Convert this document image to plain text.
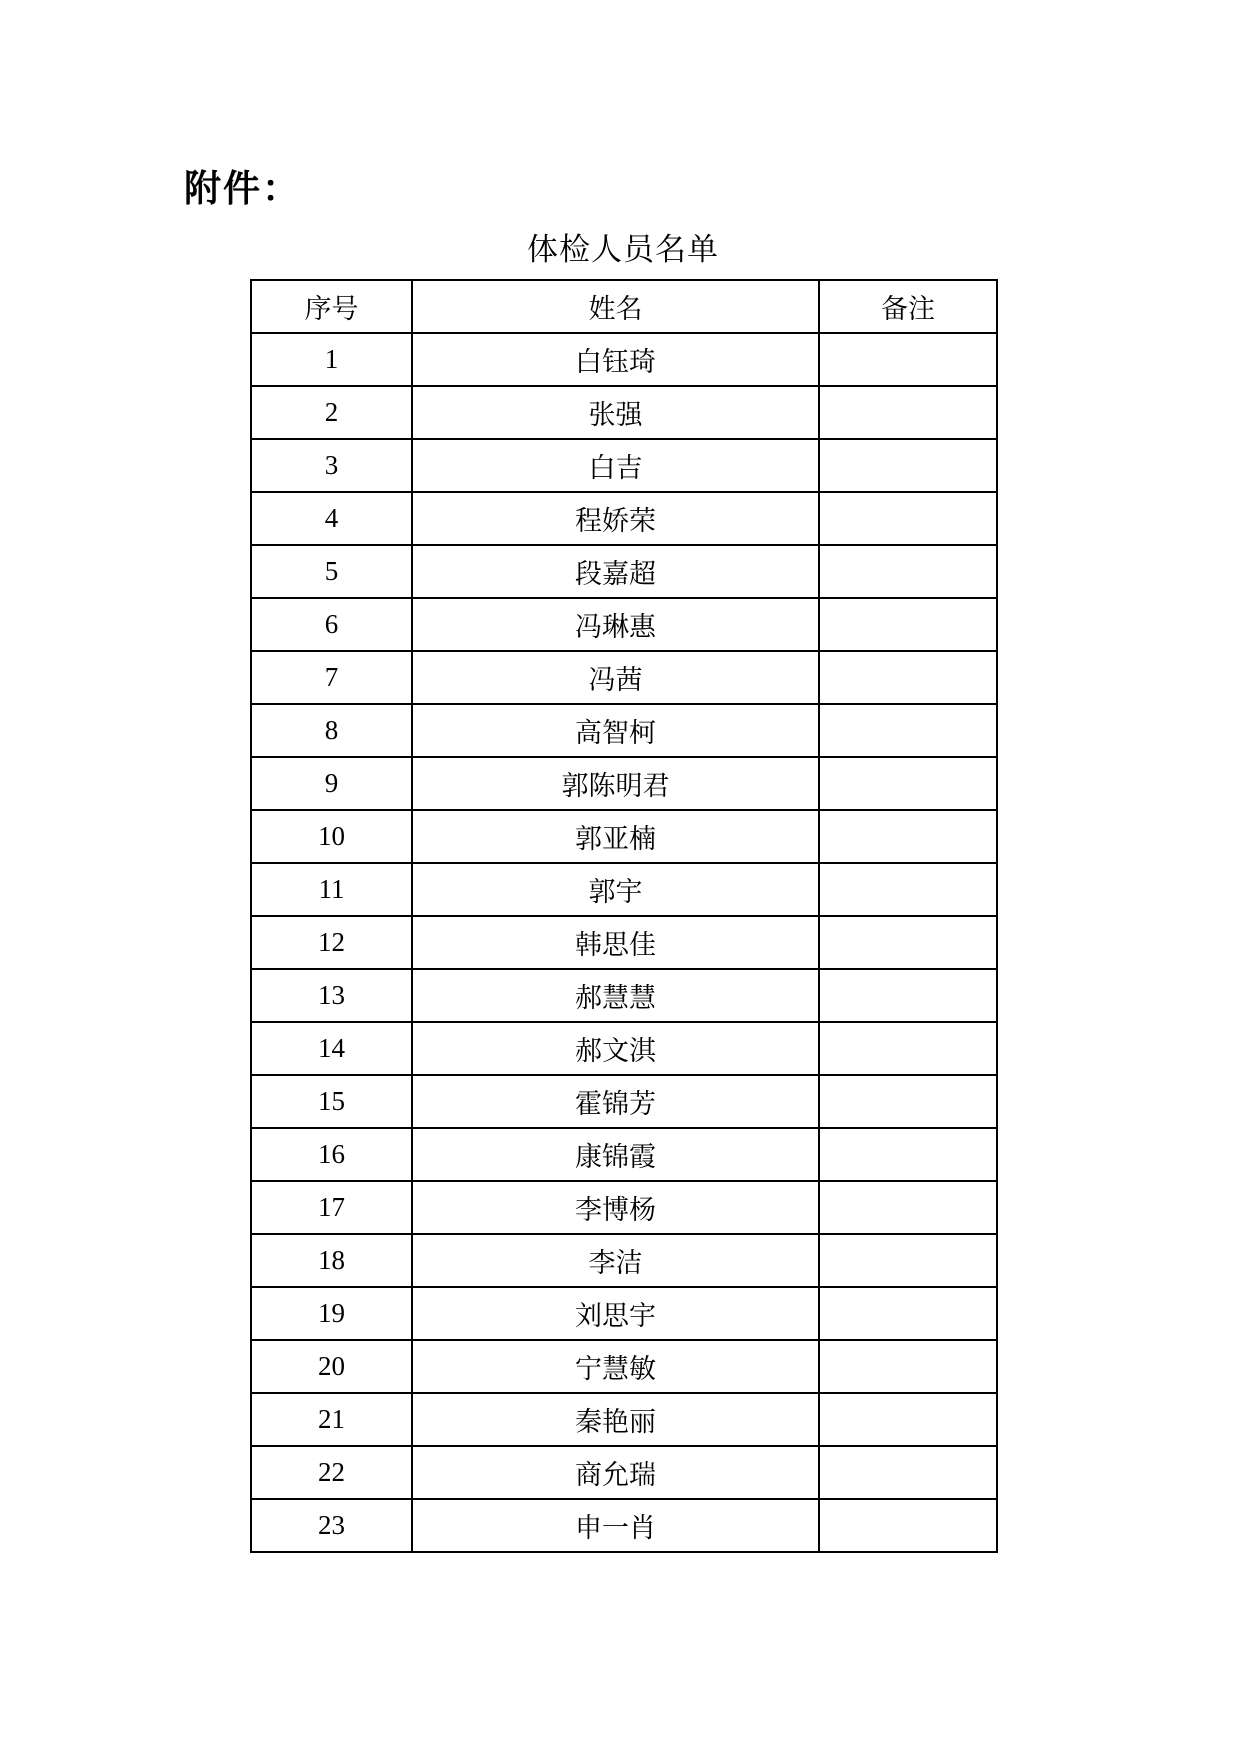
附件：
体检人员名单
序号	姓名	备注
1	白钰琦	
2	张强	
3	白吉	
4	程娇荣	
5	段嘉超	
6	冯琳惠	
7	冯茜	
8	高智柯	
9	郭陈明君	
10	郭亚楠	
11	郭宇	
12	韩思佳	
13	郝慧慧	
14	郝文淇	
15	霍锦芳	
16	康锦霞	
17	李博杨	
18	李洁	
19	刘思宇	
20	宁慧敏	
21	秦艳丽	
22	商允瑞	
23	申一肖	
